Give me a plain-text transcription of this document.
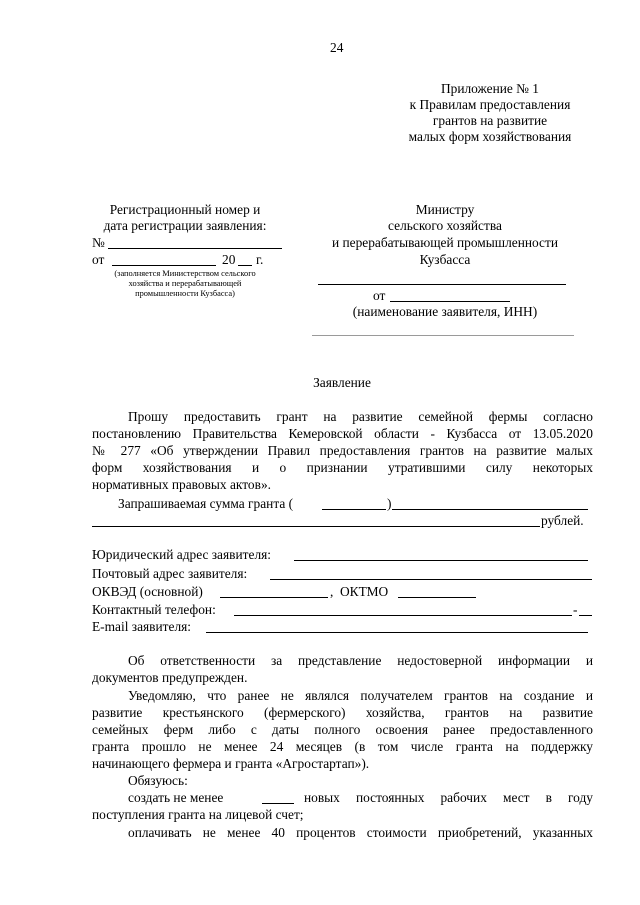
24
Приложение № 1
к Правилам предоставления
грантов на развитие
малых форм хозяйствования
Регистрационный номер и
дата регистрации заявления:
№
от	20 г.
(заполняется Министерством сельского
хозяйства и перерабатывающей
промышленности Кузбасса)
Министру
сельского хозяйства
и перерабатывающей промышленности
Кузбасса
от
(наименование заявителя, ИНН)
Заявление
Прошу предоставить грант на развитие семейной фермы согласно
постановлению Правительства Кемеровской области - Кузбасса от 13.05.2020
№ 277 «Об утверждении Правил предоставления грантов на развитие малых
форм хозяйствования и о признании утратившими силу некоторых
нормативных правовых актов».
Запрашиваемая сумма гранта (	)
рублей.
Юридический адрес заявителя:
Почтовый адрес заявителя:
ОКВЭД (основной)	, ОКТМО
Контактный телефон:	-
E-mail заявителя:
Об ответственности за представление недостоверной информации и
документов предупрежден.
Уведомляю, что ранее не являлся получателем грантов на создание и
развитие крестьянского (фермерского) хозяйства, грантов на развитие
семейных ферм либо с даты полного освоения ранее предоставленного
гранта прошло не менее 24 месяцев (в том числе гранта на поддержку
начинающего фермера и гранта «Агростартап»).
Обязуюсь:
создать не менее	новых постоянных рабочих мест в году
поступления гранта на лицевой счет;
оплачивать не менее 40 процентов стоимости приобретений, указанных
